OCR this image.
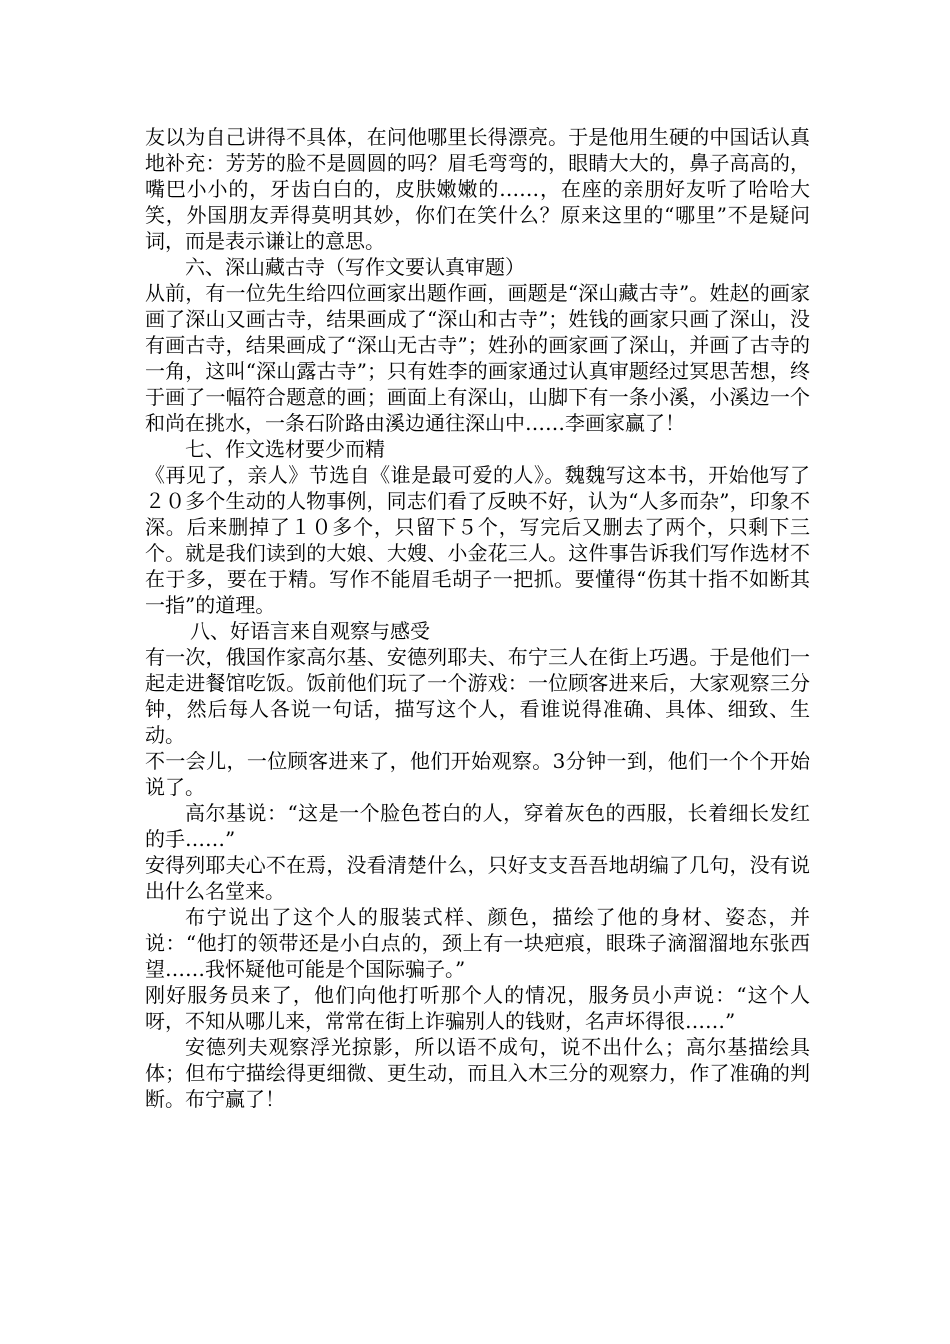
友以为自己讲得不具体，在问他哪里长得漂亮。于是他用生硬的中国话认真地补充：芳芳的脸不是圆圆的吗？眉毛弯弯的，眼睛大大的，鼻子高高的，嘴巴小小的，牙齿白白的，皮肤嫩嫩的……，在座的亲朋好友听了哈哈大笑，外国朋友弄得莫明其妙，你们在笑什么？原来这里的“哪里”不是疑问词，而是表示谦让的意思。

六、深山藏古寺（写作文要认真审题）

从前，有一位先生给四位画家出题作画，画题是“深山藏古寺”。姓赵的画家画了深山又画古寺，结果画成了“深山和古寺”；姓钱的画家只画了深山，没有画古寺，结果画成了“深山无古寺”；姓孙的画家画了深山，并画了古寺的一角，这叫“深山露古寺”；只有姓李的画家通过认真审题经过冥思苦想，终于画了一幅符合题意的画；画面上有深山，山脚下有一条小溪，小溪边一个和尚在挑水，一条石阶路由溪边通往深山中……李画家赢了！

七、作文选材要少而精

《再见了，亲人》节选自《谁是最可爱的人》。魏魏写这本书，开始他写了２０多个生动的人物事例，同志们看了反映不好，认为“人多而杂”，印象不深。后来删掉了１０多个，只留下５个，写完后又删去了两个，只剩下三个。就是我们读到的大娘、大嫂、小金花三人。这件事告诉我们写作选材不在于多，要在于精。写作不能眉毛胡子一把抓。要懂得“伤其十指不如断其一指”的道理。

八、好语言来自观察与感受

有一次，俄国作家高尔基、安德列耶夫、布宁三人在街上巧遇。于是他们一起走进餐馆吃饭。饭前他们玩了一个游戏：一位顾客进来后，大家观察三分钟，然后每人各说一句话，描写这个人，看谁说得准确、具体、细致、生动。

不一会儿，一位顾客进来了，他们开始观察。3分钟一到，他们一个个开始说了。

高尔基说：“这是一个脸色苍白的人，穿着灰色的西服，长着细长发红的手……”

安得列耶夫心不在焉，没看清楚什么，只好支支吾吾地胡编了几句，没有说出什么名堂来。

布宁说出了这个人的服装式样、颜色，描绘了他的身材、姿态，并说：“他打的领带还是小白点的，颈上有一块疤痕，眼珠子滴溜溜地东张西望……我怀疑他可能是个国际骗子。”

刚好服务员来了，他们向他打听那个人的情况，服务员小声说：“这个人呀，不知从哪儿来，常常在街上诈骗别人的钱财，名声坏得很……”

安德列夫观察浮光掠影，所以语不成句，说不出什么；高尔基描绘具体；但布宁描绘得更细微、更生动，而且入木三分的观察力，作了准确的判断。布宁赢了！
